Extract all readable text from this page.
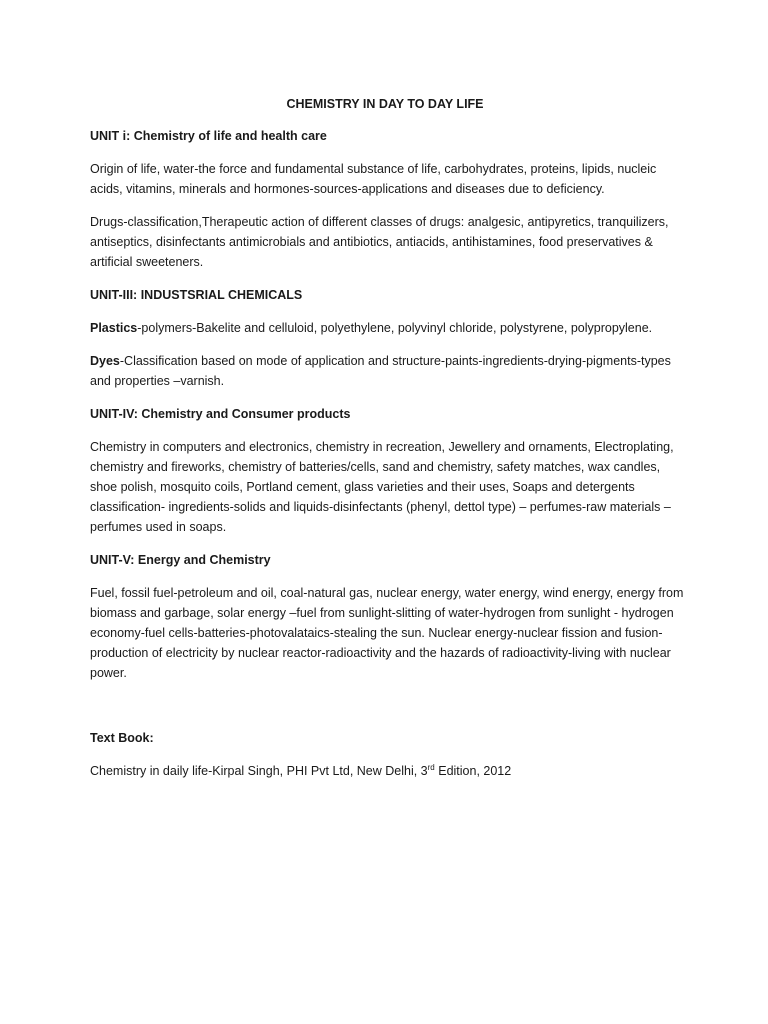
CHEMISTRY IN DAY TO DAY LIFE
UNIT i: Chemistry of life and health care
Origin of life, water-the force and fundamental substance of life, carbohydrates, proteins, lipids, nucleic acids, vitamins, minerals and hormones-sources-applications and diseases due to deficiency.
Drugs-classification,Therapeutic action of different classes of drugs: analgesic, antipyretics, tranquilizers, antiseptics, disinfectants antimicrobials and antibiotics, antiacids, antihistamines, food preservatives & artificial sweeteners.
UNIT-III: INDUSTSRIAL CHEMICALS
Plastics-polymers-Bakelite and celluloid, polyethylene, polyvinyl chloride, polystyrene, polypropylene.
Dyes-Classification based on mode of application and structure-paints-ingredients-drying-pigments-types and properties –varnish.
UNIT-IV: Chemistry and Consumer products
Chemistry in computers and electronics, chemistry in recreation, Jewellery and ornaments, Electroplating, chemistry and fireworks, chemistry of batteries/cells, sand and chemistry, safety matches, wax candles, shoe polish, mosquito coils, Portland cement, glass varieties and their uses, Soaps and detergents classification- ingredients-solids and liquids-disinfectants (phenyl, dettol type) – perfumes-raw materials – perfumes used in soaps.
UNIT-V: Energy and Chemistry
Fuel, fossil fuel-petroleum and oil, coal-natural gas, nuclear energy, water energy, wind energy, energy from biomass and garbage, solar energy –fuel from sunlight-slitting of water-hydrogen from sunlight - hydrogen economy-fuel cells-batteries-photovalataics-stealing the sun. Nuclear energy-nuclear fission and fusion- production of electricity by nuclear reactor-radioactivity and the hazards of radioactivity-living with nuclear power.
Text Book:
Chemistry in daily life-Kirpal Singh, PHI Pvt Ltd, New Delhi, 3rd Edition, 2012
